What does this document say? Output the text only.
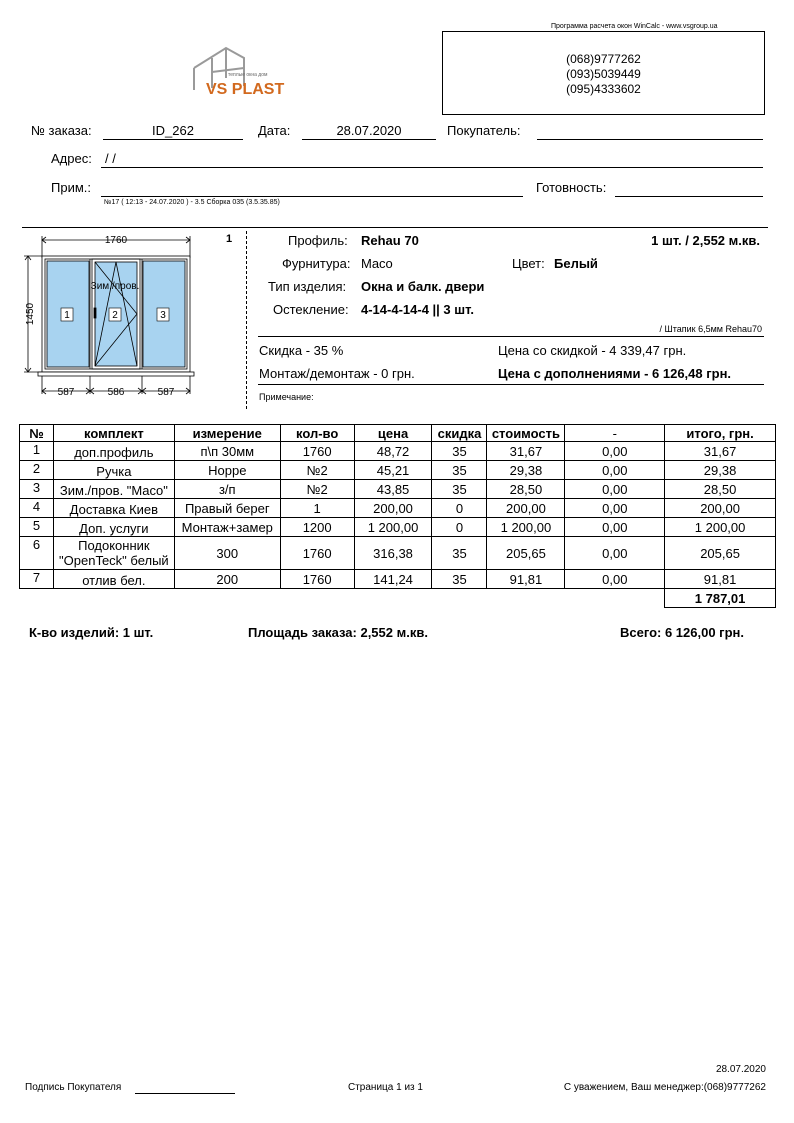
Программа расчета окон WinCalc - www.vsgroup.ua
VS PLAST
теплые окна дом
(068)9777262
(093)5039449
(095)4333602
№ заказа:	ID_262	Дата:	28.07.2020	Покупатель:
Адрес: / /
Прим.:	Готовность:
№17 ( 12:13 - 24.07.2020 ) - 3.5 Сборка 035 (3.5.35.85)
1760
1	2	3
587	586	587
Зим./пров.
1450
1	Профиль: Rehau 70	1 шт. / 2,552 м.кв.
Фурнитура: Maco	Цвет: Белый
Тип изделия: Окна и балк. двери
Остекление: 4-14-4-14-4 || 3 шт.
/ Штапик 6,5мм Rehau70
Скидка - 35 %	Цена со скидкой - 4 339,47 грн.
Монтаж/демонтаж - 0 грн.	Цена с дополнениями - 6 126,48 грн.
Примечание:
№	комплект	измерение	кол-во	цена	скидка	стоимость	-	итого, грн.
1	доп.профиль	п\п 30мм	1760	48,72	35	31,67	0,00	31,67
2	Ручка	Hoppe	№2	45,21	35	29,38	0,00	29,38
3	Зим./пров. "Maco"	з/п	№2	43,85	35	28,50	0,00	28,50
4	Доставка Киев	Правый берег	1	200,00	0	200,00	0,00	200,00
5	Доп. услуги	Монтаж+замер	1200	1 200,00	0	1 200,00	0,00	1 200,00
6	Подоконник "OpenTeck" белый	300	1760	316,38	35	205,65	0,00	205,65
7	отлив бел.	200	1760	141,24	35	91,81	0,00	91,81
								1 787,01
К-во изделий: 1 шт.	Площадь заказа: 2,552 м.кв.	Всего: 6 126,00 грн.
28.07.2020
Подпись Покупателя	Страница 1 из 1	С уважением, Ваш менеджер:(068)9777262
